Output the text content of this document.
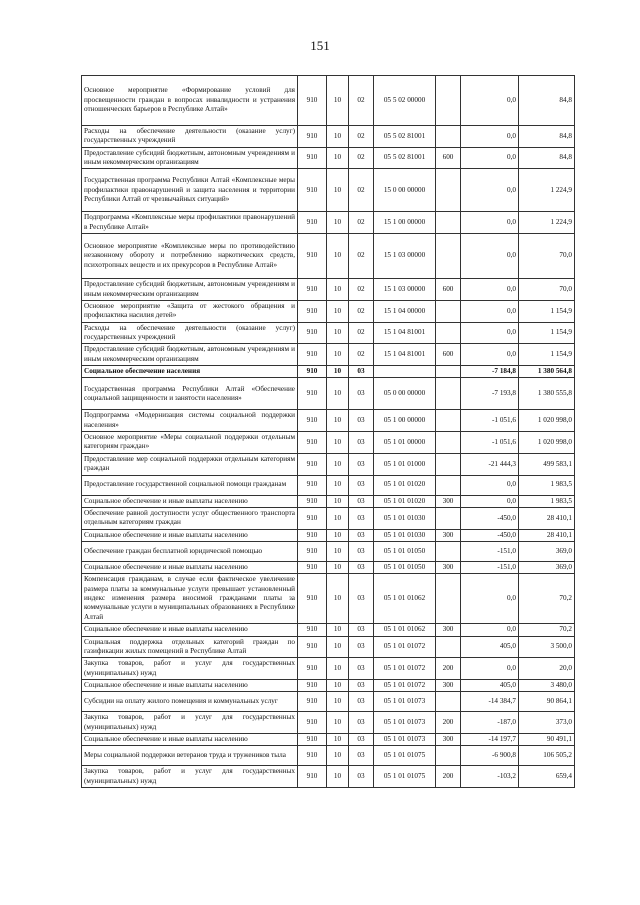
151
Основное мероприятие «Формирование условий для просвещенности граждан в вопросах инвалидности и устранения отношенческих барьеров в Республике Алтай»	910	10	02	05 5 02 00000		0,0	84,8
Расходы на обеспечение деятельности (оказание услуг) государственных учреждений	910	10	02	05 5 02 81001		0,0	84,8
Предоставление субсидий бюджетным, автономным учреждениям и иным некоммерческим организациям	910	10	02	05 5 02 81001	600	0,0	84,8
Государственная программа Республики Алтай «Комплексные меры профилактики правонарушений и защита населения и территории Республики Алтай от чрезвычайных ситуаций»	910	10	02	15 0 00 00000		0,0	1 224,9
Подпрограмма «Комплексные меры профилактики правонарушений в Республике Алтай»	910	10	02	15 1 00 00000		0,0	1 224,9
Основное мероприятие «Комплексные меры по противодействию незаконному обороту и потреблению наркотических средств, психотропных веществ и их прекурсоров в Республике Алтай»	910	10	02	15 1 03 00000		0,0	70,0
Предоставление субсидий бюджетным, автономным учреждениям и иным некоммерческим организациям	910	10	02	15 1 03 00000	600	0,0	70,0
Основное мероприятие «Защита от жестокого обращения и профилактика насилия детей»	910	10	02	15 1 04 00000		0,0	1 154,9
Расходы на обеспечение деятельности (оказание услуг) государственных учреждений	910	10	02	15 1 04 81001		0,0	1 154,9
Предоставление субсидий бюджетным, автономным учреждениям и иным некоммерческим организациям	910	10	02	15 1 04 81001	600	0,0	1 154,9
Социальное обеспечение населения	910	10	03			-7 184,8	1 380 564,8
Государственная программа Республики Алтай «Обеспечение социальной защищенности и занятости населения»	910	10	03	05 0 00 00000		-7 193,8	1 380 555,8
Подпрограмма «Модернизация системы социальной поддержки населения»	910	10	03	05 1 00 00000		-1 051,6	1 020 998,0
Основное мероприятие «Меры социальной поддержки отдельным категориям граждан»	910	10	03	05 1 01 00000		-1 051,6	1 020 998,0
Предоставление мер социальной поддержки отдельным категориям граждан	910	10	03	05 1 01 01000		-21 444,3	499 583,1
Предоставление государственной социальной помощи гражданам	910	10	03	05 1 01 01020		0,0	1 983,5
Социальное обеспечение и иные выплаты населению	910	10	03	05 1 01 01020	300	0,0	1 983,5
Обеспечение равной доступности услуг общественного транспорта отдельным категориям граждан	910	10	03	05 1 01 01030		-450,0	28 410,1
Социальное обеспечение и иные выплаты населению	910	10	03	05 1 01 01030	300	-450,0	28 410,1
Обеспечение граждан бесплатной юридической помощью	910	10	03	05 1 01 01050		-151,0	369,0
Социальное обеспечение и иные выплаты населению	910	10	03	05 1 01 01050	300	-151,0	369,0
Компенсация гражданам, в случае если фактическое увеличение размера платы за коммунальные услуги превышает установленный индекс изменения размера вносимой гражданами платы за коммунальные услуги в муниципальных образованиях в Республике Алтай	910	10	03	05 1 01 01062		0,0	70,2
Социальное обеспечение и иные выплаты населению	910	10	03	05 1 01 01062	300	0,0	70,2
Социальная поддержка отдельных категорий граждан по газификации жилых помещений в Республике Алтай	910	10	03	05 1 01 01072		405,0	3 500,0
Закупка товаров, работ и услуг для государственных (муниципальных) нужд	910	10	03	05 1 01 01072	200	0,0	20,0
Социальное обеспечение и иные выплаты населению	910	10	03	05 1 01 01072	300	405,0	3 480,0
Субсидии на оплату жилого помещения и коммунальных услуг	910	10	03	05 1 01 01073		-14 384,7	90 864,1
Закупка товаров, работ и услуг для государственных (муниципальных) нужд	910	10	03	05 1 01 01073	200	-187,0	373,0
Социальное обеспечение и иные выплаты населению	910	10	03	05 1 01 01073	300	-14 197,7	90 491,1
Меры социальной поддержки ветеранов труда и тружеников тыла	910	10	03	05 1 01 01075		-6 900,8	106 505,2
Закупка товаров, работ и услуг для государственных (муниципальных) нужд	910	10	03	05 1 01 01075	200	-103,2	659,4
